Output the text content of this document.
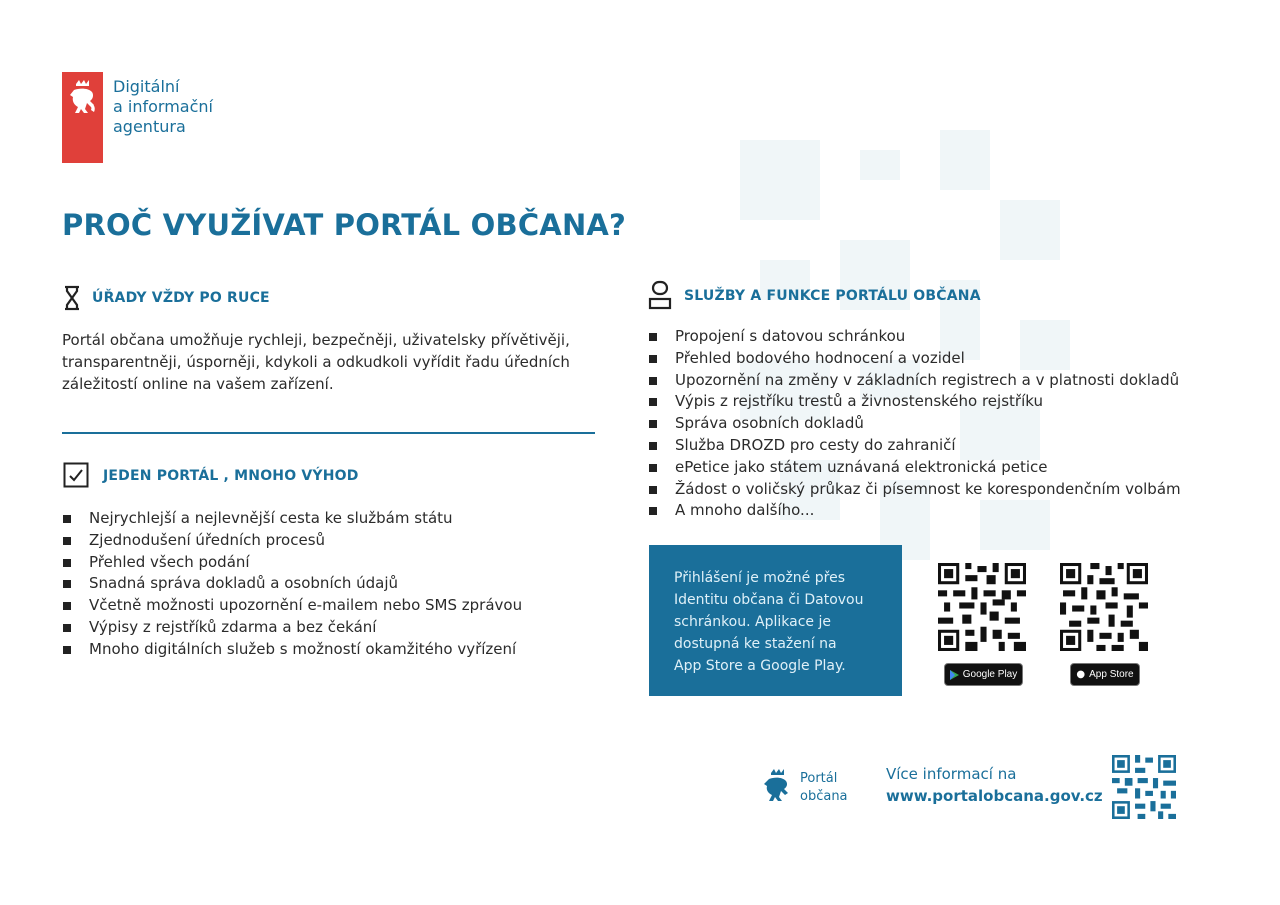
Digitální
a informační
agentura
PROČ VYUŽÍVAT PORTÁL OBČANA?
ÚŘADY VŽDY PO RUCE
Portál občana umožňuje rychleji, bezpečněji, uživatelsky přívětivěji,
transparentněji, úsporněji, kdykoli a odkudkoli vyřídit řadu úředních
záležitostí online na vašem zařízení.
JEDEN PORTÁL , MNOHO VÝHOD
Nejrychlejší a nejlevnější cesta ke službám státu
Zjednodušení úředních procesů
Přehled všech podání
Snadná správa dokladů a osobních údajů
Včetně možnosti upozornění e-mailem nebo SMS zprávou
Výpisy z rejstříků zdarma a bez čekání
Mnoho digitálních služeb s možností okamžitého vyřízení
SLUŽBY A FUNKCE PORTÁLU OBČANA
Propojení s datovou schránkou
Přehled bodového hodnocení a vozidel
Upozornění na změny v základních registrech a v platnosti dokladů
Výpis z rejstříku trestů a živnostenského rejstříku
Správa osobních dokladů
Služba DROZD pro cesty do zahraničí
ePetice jako státem uznávaná elektronická petice
Žádost o voličský průkaz či písemnost ke korespondenčním volbám
A mnoho dalšího...
Přihlášení je možné přes
Identitu občana či Datovou
schránkou. Aplikace je
dostupná ke stažení na
App Store a Google Play.
Google Play	● App Store
Portál
občana
Více informací na
www.portalobcana.gov.cz
